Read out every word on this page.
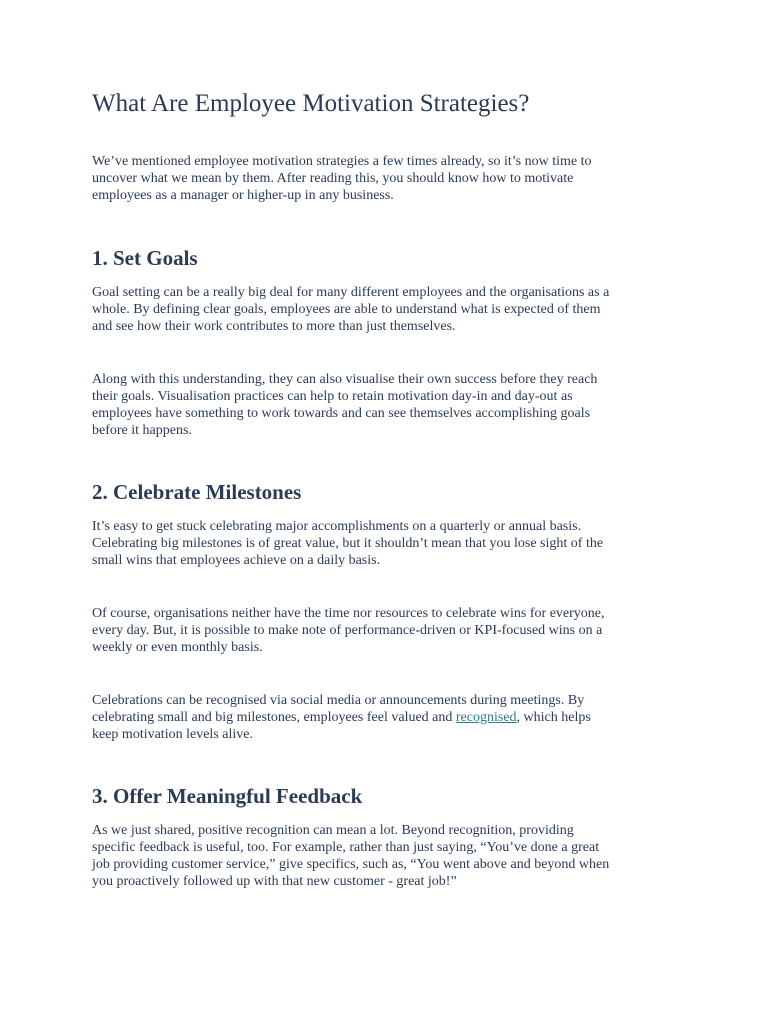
What Are Employee Motivation Strategies?

We’ve mentioned employee motivation strategies a few times already, so it’s now time to
uncover what we mean by them. After reading this, you should know how to motivate
employees as a manager or higher-up in any business.

1. Set Goals

Goal setting can be a really big deal for many different employees and the organisations as a
whole. By defining clear goals, employees are able to understand what is expected of them
and see how their work contributes to more than just themselves.

Along with this understanding, they can also visualise their own success before they reach
their goals. Visualisation practices can help to retain motivation day-in and day-out as
employees have something to work towards and can see themselves accomplishing goals
before it happens.

2. Celebrate Milestones

It’s easy to get stuck celebrating major accomplishments on a quarterly or annual basis.
Celebrating big milestones is of great value, but it shouldn’t mean that you lose sight of the
small wins that employees achieve on a daily basis.

Of course, organisations neither have the time nor resources to celebrate wins for everyone,
every day. But, it is possible to make note of performance-driven or KPI-focused wins on a
weekly or even monthly basis.

Celebrations can be recognised via social media or announcements during meetings. By
celebrating small and big milestones, employees feel valued and recognised, which helps
keep motivation levels alive.

3. Offer Meaningful Feedback

As we just shared, positive recognition can mean a lot. Beyond recognition, providing
specific feedback is useful, too. For example, rather than just saying, “You’ve done a great
job providing customer service,” give specifics, such as, “You went above and beyond when
you proactively followed up with that new customer - great job!”
